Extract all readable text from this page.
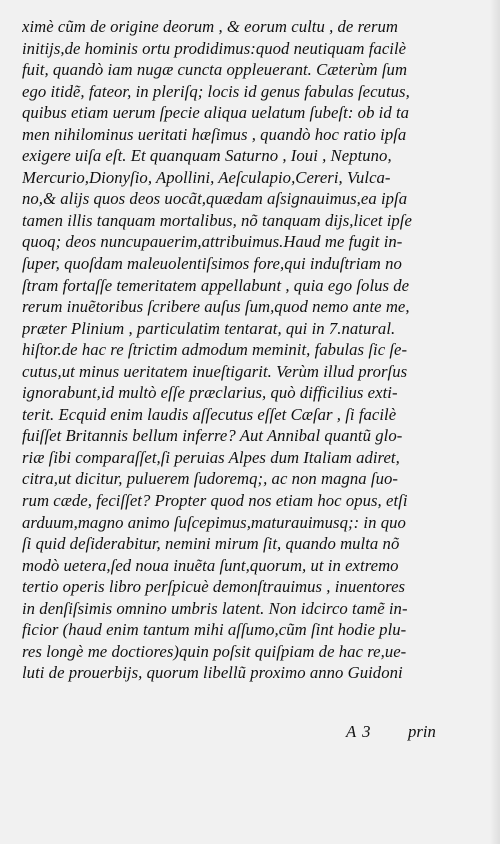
ximè cũm de origine deorum , & eorum cultu , de rerum
initijs,de hominis ortu prodidimus:quod neutiquam facilè
fuit, quandò iam nugæ cuncta oppleuerant. Cæterùm ſum
ego itidẽ, fateor, in pleriſq; locis id genus fabulas ſecutus,
quibus etiam uerum ſpecie aliqua uelatum ſubeſt: ob id ta
men nihilominus ueritati hæſimus , quandò hoc ratio ipſa
exigere uiſa eſt. Et quanquam Saturno , Ioui , Neptuno,
Mercurio,Dionyſio, Apollini, Aeſculapio,Cereri, Vulca-
no,& alijs quos deos uocãt,quædam aſsignauimus,ea ipſa
tamen illis tanquam mortalibus, nõ tanquam dijs,licet ipſe
quoq; deos nuncupauerim,attribuimus.Haud me fugit in-
ſuper, quoſdam maleuolentiſsimos fore,qui induſtriam no
ſtram fortaſſe temeritatem appellabunt , quia ego ſolus de
rerum inuẽtoribus ſcribere auſus ſum,quod nemo ante me,
præter Plinium , particulatim tentarat, qui in 7.natural.
hiſtor.de hac re ſtrictim admodum meminit, fabulas ſic ſe-
cutus,ut minus ueritatem inueſtigarit. Verùm illud prorſus
ignorabunt,id multò eſſe præclarius, quò difficilius exti-
terit. Ecquid enim laudis aſſecutus eſſet Cæſar , ſi facilè
fuiſſet Britannis bellum inferre? Aut Annibal quantũ glo-
riæ ſibi comparaſſet,ſi peruias Alpes dum Italiam adiret,
citra,ut dicitur, puluerem ſudoremq;, ac non magna ſuo-
rum cæde, feciſſet? Propter quod nos etiam hoc opus, etſi
arduum,magno animo ſuſcepimus,maturauimusq;: in quo
ſi quid deſiderabitur, nemini mirum ſit, quando multa nõ
modò uetera,ſed noua inuẽta ſunt,quorum, ut in extremo
tertio operis libro perſpicuè demonſtrauimus , inuentores
in denſiſsimis omnino umbris latent. Non idcirco tamẽ in-
ficior (haud enim tantum mihi aſſumo,cũm ſint hodie plu-
res longè me doctiores)quin poſsit quiſpiam de hac re,ue-
luti de prouerbijs, quorum libellũ proximo anno Guidoni
A 3 prin
